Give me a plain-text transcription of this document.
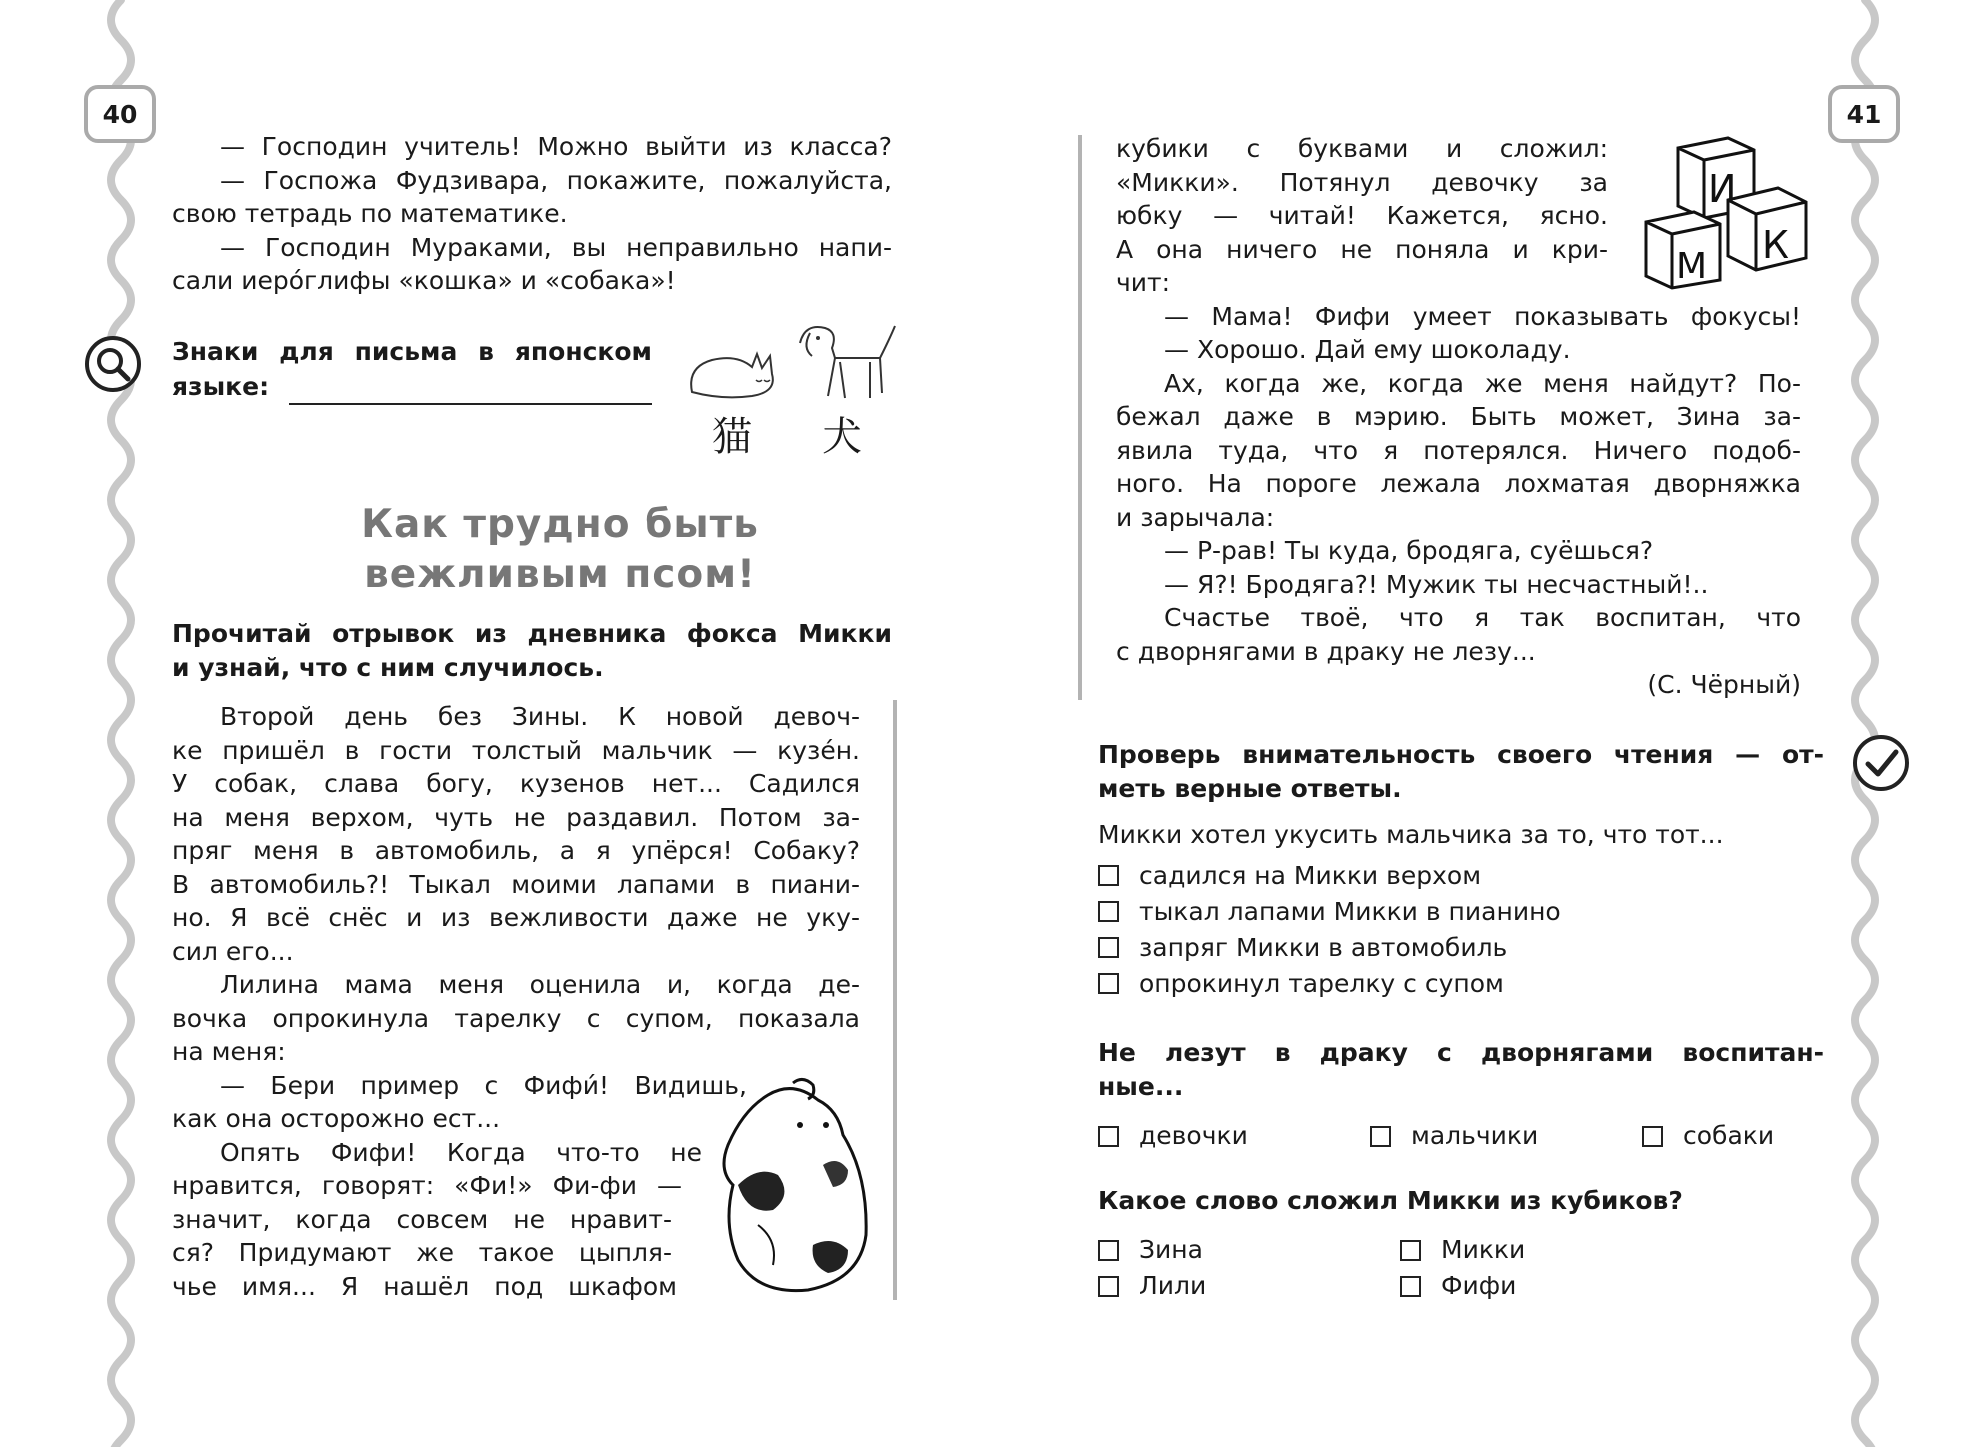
40	41
— Господин учитель! Можно выйти из класса?
— Госпожа Фудзивара, покажите, пожалуйста,
свою тетрадь по математике.
— Господин Мураками, вы неправильно напи-
сали иеро́глифы «кошка» и «собака»!
Знаки для письма в японском
языке:
猫 犬
Как трудно быть
вежливым псом!
Прочитай отрывок из дневника фокса Микки
и узнай, что с ним случилось.
Второй день без Зины. К новой девоч-
ке пришёл в гости толстый мальчик — кузе́н.
У собак, слава богу, кузенов нет... Садился
на меня верхом, чуть не раздавил. Потом за-
пряг меня в автомобиль, а я упёрся! Собаку?
В автомобиль?! Тыкал моими лапами в пиани-
но. Я всё снёс и из вежливости даже не уку-
сил его...
Лилина мама меня оценила и, когда де-
вочка опрокинула тарелку с супом, показала
на меня:
— Бери пример с Фифи́! Видишь,
как она осторожно ест...
Опять Фифи! Когда что-то не
нравится, говорят: «Фи!» Фи-фи —
значит, когда совсем не нравит-
ся? Придумают же такое цыпля-
чье имя... Я нашёл под шкафом
кубики с буквами и сложил:
«Микки». Потянул девочку за
юбку — читай! Кажется, ясно.
А она ничего не поняла и кри-
чит:
— Мама! Фифи умеет показывать фокусы!
— Хорошо. Дай ему шоколаду.
Ах, когда же, когда же меня найдут? По-
бежал даже в мэрию. Быть может, Зина за-
явила туда, что я потерялся. Ничего подоб-
ного. На пороге лежала лохматая дворняжка
и зарычала:
— Р-рав! Ты куда, бродяга, суёшься?
— Я?! Бродяга?! Мужик ты несчастный!..
Счастье твоё, что я так воспитан, что
с дворнягами в драку не лезу...
(С. Чёрный)
И
М К
Проверь внимательность своего чтения — от-
меть верные ответы.
Микки хотел укусить мальчика за то, что тот...
садился на Микки верхом
тыкал лапами Микки в пианино
запряг Микки в автомобиль
опрокинул тарелку с супом
Не лезут в драку с дворнягами воспитан-
ные...
девочки	мальчики	собаки
Какое слово сложил Микки из кубиков?
Зина	Микки
Лили	Фифи
